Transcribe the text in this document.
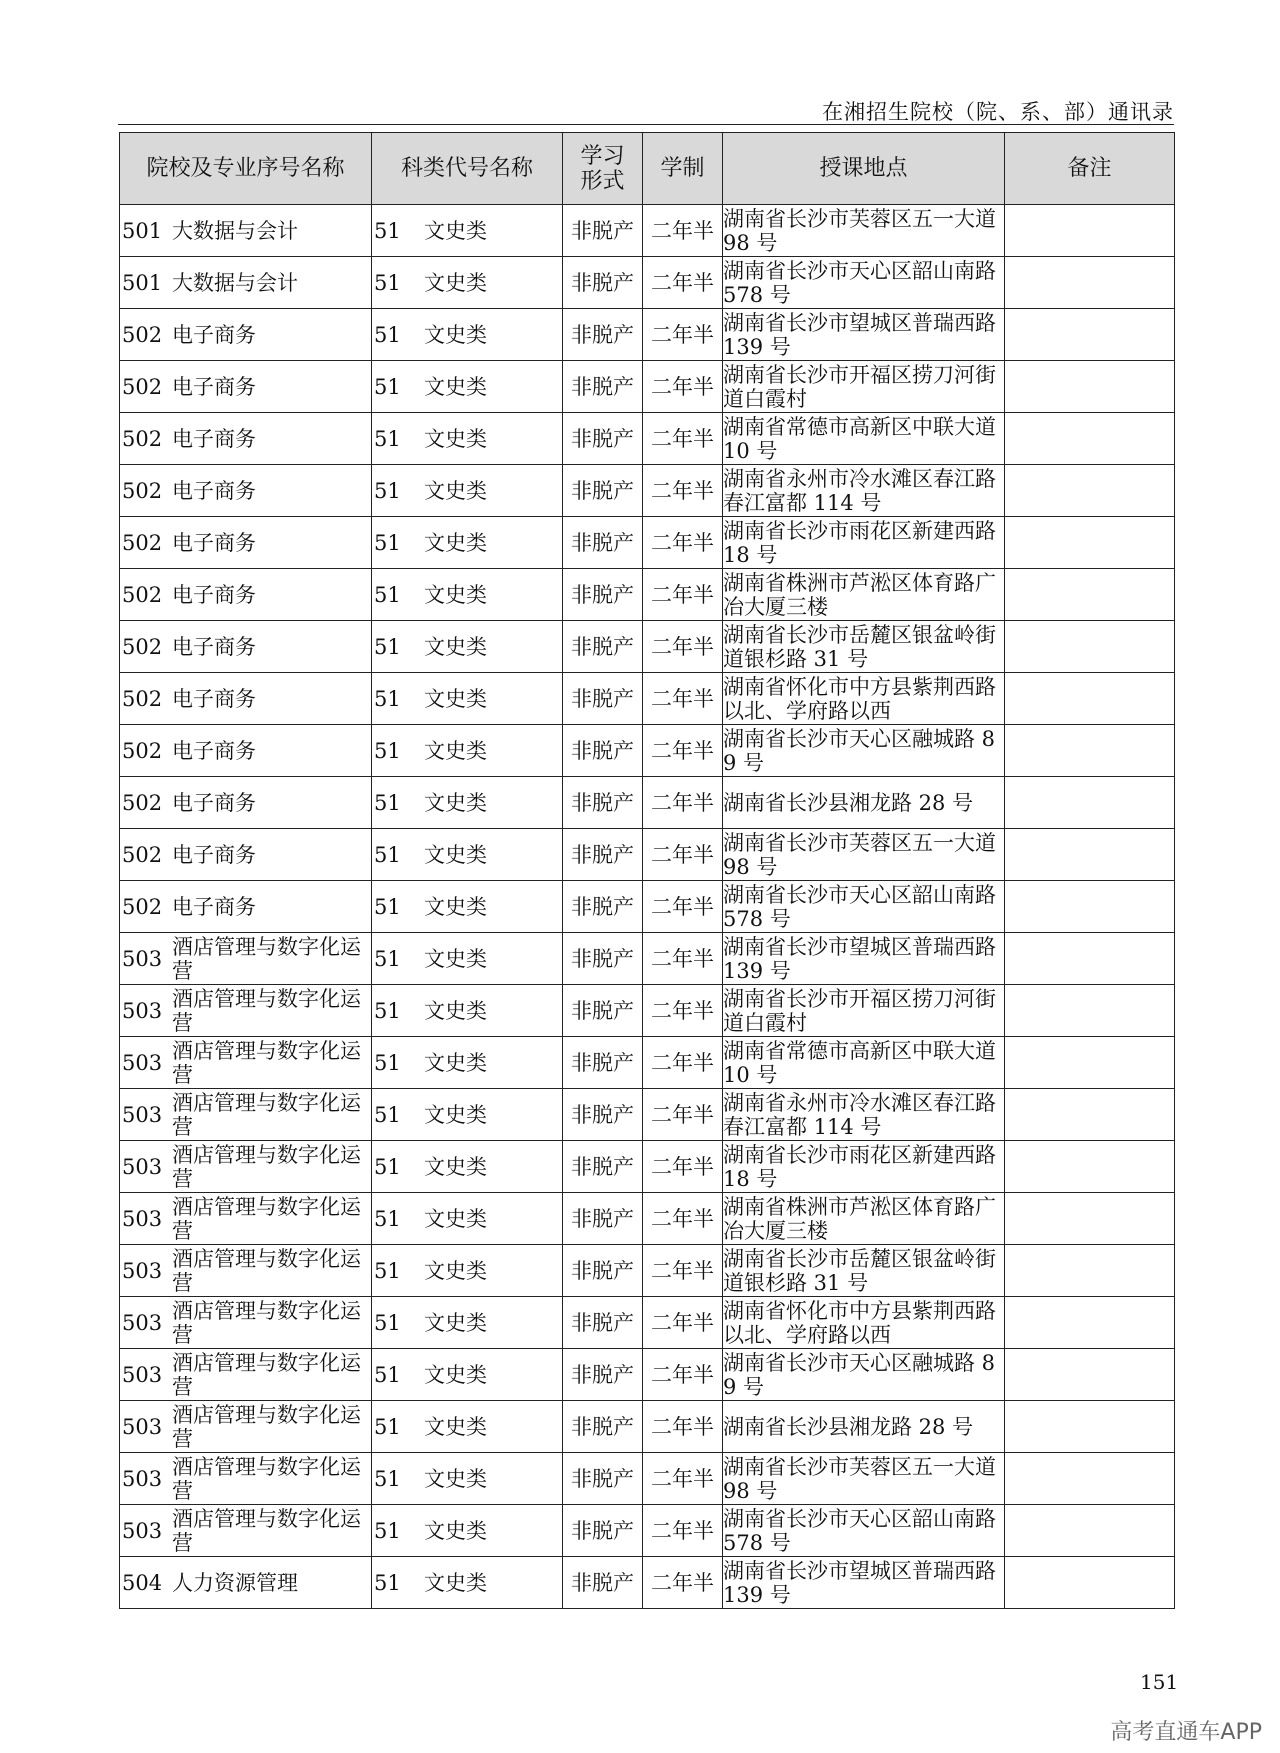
在湘招生院校（院、系、部）通讯录
院校及专业序号名称	科类代号名称	学习形式	学制	授课地点	备注

501 大数据与会计	51 文史类	非脱产	二年半	湖南省长沙市芙蓉区五一大道 98 号	

501 大数据与会计	51 文史类	非脱产	二年半	湖南省长沙市天心区韶山南路 578 号	

502 电子商务	51 文史类	非脱产	二年半	湖南省长沙市望城区普瑞西路 139 号	

502 电子商务	51 文史类	非脱产	二年半	湖南省长沙市开福区捞刀河街道白霞村	

502 电子商务	51 文史类	非脱产	二年半	湖南省常德市高新区中联大道 10 号	

502 电子商务	51 文史类	非脱产	二年半	湖南省永州市冷水滩区春江路春江富都 114 号	

502 电子商务	51 文史类	非脱产	二年半	湖南省长沙市雨花区新建西路 18 号	

502 电子商务	51 文史类	非脱产	二年半	湖南省株洲市芦淞区体育路广冶大厦三楼	

502 电子商务	51 文史类	非脱产	二年半	湖南省长沙市岳麓区银盆岭街道银杉路 31 号	

502 电子商务	51 文史类	非脱产	二年半	湖南省怀化市中方县紫荆西路以北、学府路以西	

502 电子商务	51 文史类	非脱产	二年半	湖南省长沙市天心区融城路 89 号	

502 电子商务	51 文史类	非脱产	二年半	湖南省长沙县湘龙路 28 号	

502 电子商务	51 文史类	非脱产	二年半	湖南省长沙市芙蓉区五一大道 98 号	

502 电子商务	51 文史类	非脱产	二年半	湖南省长沙市天心区韶山南路 578 号	

503 酒店管理与数字化运营	51 文史类	非脱产	二年半	湖南省长沙市望城区普瑞西路 139 号	

503 酒店管理与数字化运营	51 文史类	非脱产	二年半	湖南省长沙市开福区捞刀河街道白霞村	

503 酒店管理与数字化运营	51 文史类	非脱产	二年半	湖南省常德市高新区中联大道 10 号	

503 酒店管理与数字化运营	51 文史类	非脱产	二年半	湖南省永州市冷水滩区春江路春江富都 114 号	

503 酒店管理与数字化运营	51 文史类	非脱产	二年半	湖南省长沙市雨花区新建西路 18 号	

503 酒店管理与数字化运营	51 文史类	非脱产	二年半	湖南省株洲市芦淞区体育路广冶大厦三楼	

503 酒店管理与数字化运营	51 文史类	非脱产	二年半	湖南省长沙市岳麓区银盆岭街道银杉路 31 号	

503 酒店管理与数字化运营	51 文史类	非脱产	二年半	湖南省怀化市中方县紫荆西路以北、学府路以西	

503 酒店管理与数字化运营	51 文史类	非脱产	二年半	湖南省长沙市天心区融城路 89 号	

503 酒店管理与数字化运营	51 文史类	非脱产	二年半	湖南省长沙县湘龙路 28 号	

503 酒店管理与数字化运营	51 文史类	非脱产	二年半	湖南省长沙市芙蓉区五一大道 98 号	

503 酒店管理与数字化运营	51 文史类	非脱产	二年半	湖南省长沙市天心区韶山南路 578 号	

504 人力资源管理	51 文史类	非脱产	二年半	湖南省长沙市望城区普瑞西路 139 号	
151
高考直通车APP
